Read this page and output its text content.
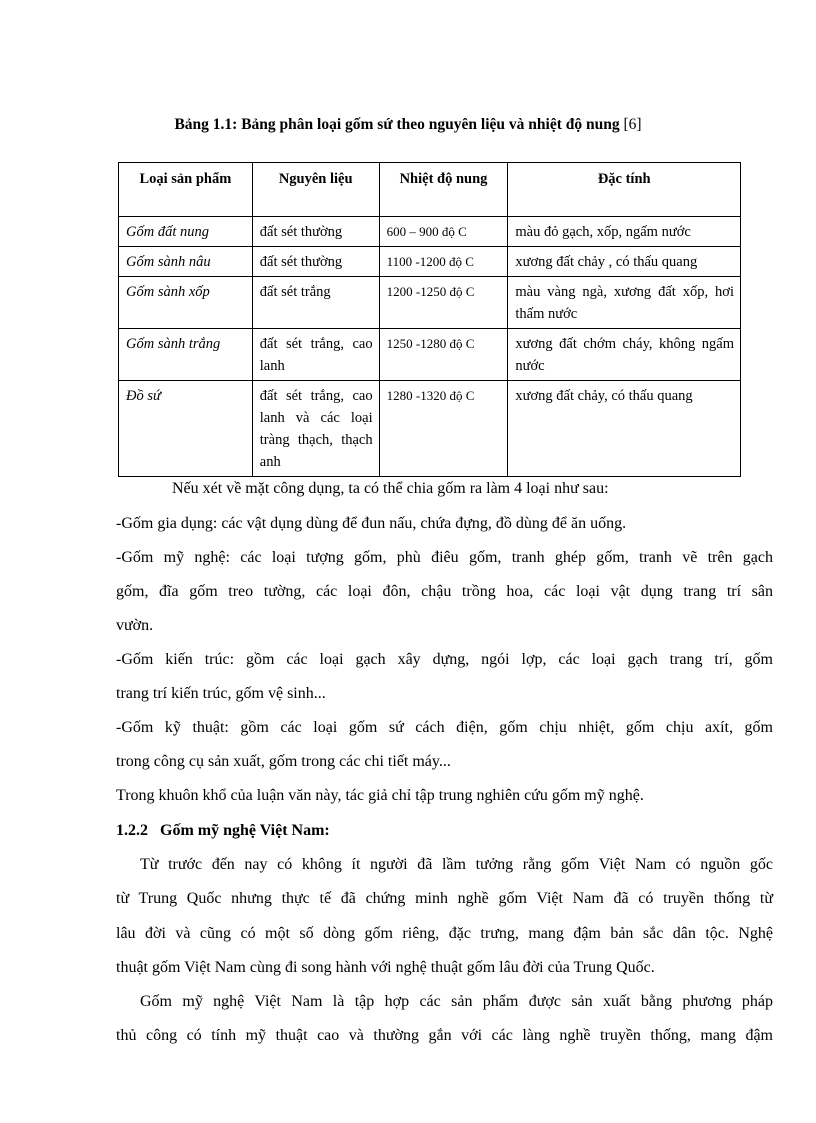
Bảng 1.1: Bảng phân loại gốm sứ theo nguyên liệu và nhiệt độ nung [6]
Loại sản phẩm	Nguyên liệu	Nhiệt độ nung	Đặc tính
Gốm đất nung	đất sét thường	600 – 900 độ C	màu đỏ gạch, xốp, ngấm nước
Gốm sành nâu	đất sét thường	1100 -1200 độ C	xương đất chảy , có thấu quang
Gốm sành xốp	đất sét trắng	1200 -1250 độ C	màu vàng ngà, xương đất xốp, hơi thấm nước
Gốm sành trắng	đất sét trắng, cao lanh	1250 -1280 độ C	xương đất chớm cháy, không ngấm nước
Đồ sứ	đất sét trắng, cao lanh và các loại tràng thạch, thạch anh	1280 -1320 độ C	xương đất chảy, có thấu quang
Nếu xét về mặt công dụng, ta có thể chia gốm ra làm 4 loại như sau:
-Gốm gia dụng: các vật dụng dùng để đun nấu, chứa đựng, đồ dùng để ăn uống.
-Gốm mỹ nghệ: các loại tượng gốm, phù điêu gốm, tranh ghép gốm, tranh vẽ trên gạch
gốm, đĩa gốm treo tường, các loại đôn, chậu trồng hoa, các loại vật dụng trang trí sân
vườn.
-Gốm kiến trúc: gồm các loại gạch xây dựng, ngói lợp, các loại gạch trang trí, gốm
trang trí kiến trúc, gốm vệ sinh...
-Gốm kỹ thuật: gồm các loại gốm sứ cách điện, gốm chịu nhiệt, gốm chịu axít, gốm
trong công cụ sản xuất, gốm trong các chi tiết máy...
Trong khuôn khổ của luận văn này, tác giả chỉ tập trung nghiên cứu gốm mỹ nghệ.
1.2.2   Gốm mỹ nghệ Việt Nam:
Từ trước đến nay có không ít người đã lầm tưởng rằng gốm Việt Nam có nguồn gốc
từ Trung Quốc nhưng thực tế đã chứng minh nghề gốm Việt Nam đã có truyền thống từ
lâu đời và cũng có một số dòng gốm riêng, đặc trưng, mang đậm bản sắc dân tộc. Nghệ
thuật gốm Việt Nam cùng đi song hành với nghệ thuật gốm lâu đời của Trung Quốc.
Gốm mỹ nghệ Việt Nam là tập hợp các sản phẩm được sản xuất bằng phương pháp
thủ công có tính mỹ thuật cao và thường gắn với các làng nghề truyền thống, mang đậm
